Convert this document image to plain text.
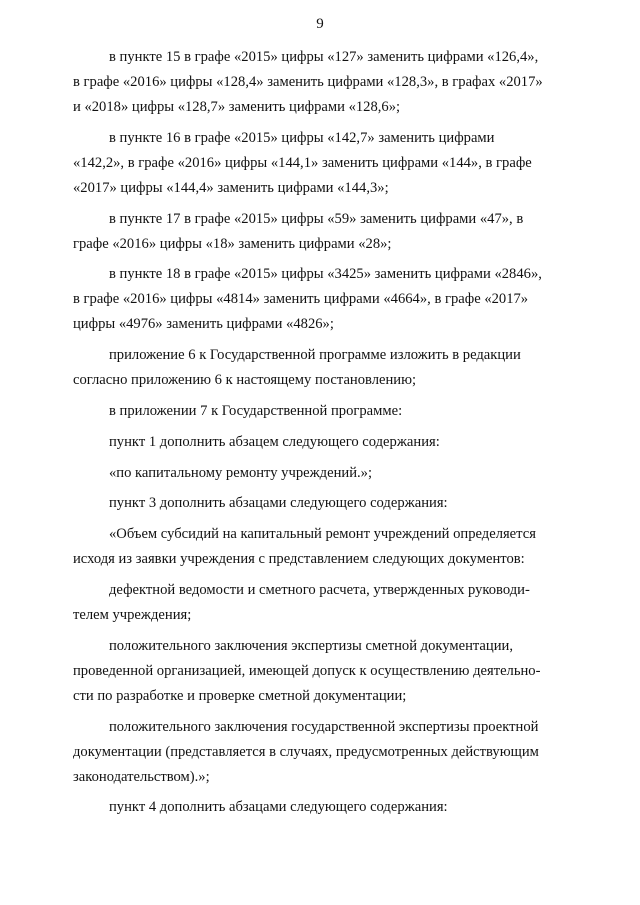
9

в пункте 15 в графе «2015» цифры «127» заменить цифрами «126,4»,
в графе «2016» цифры «128,4» заменить цифрами «128,3», в графах «2017»
и «2018» цифры «128,7» заменить цифрами «128,6»;

в пункте 16 в графе «2015» цифры «142,7» заменить цифрами
«142,2», в графе «2016» цифры «144,1» заменить цифрами «144», в графе
«2017» цифры «144,4» заменить цифрами «144,3»;

в пункте 17 в графе «2015» цифры «59» заменить цифрами «47», в
графе «2016» цифры «18» заменить цифрами «28»;

в пункте 18 в графе «2015» цифры «3425» заменить цифрами «2846»,
в графе «2016» цифры «4814» заменить цифрами «4664», в графе «2017»
цифры «4976» заменить цифрами «4826»;

приложение 6 к Государственной программе изложить в редакции
согласно приложению 6 к настоящему постановлению;

в приложении 7 к Государственной программе:

пункт 1 дополнить абзацем следующего содержания:

«по капитальному ремонту учреждений.»;

пункт 3 дополнить абзацами следующего содержания:

«Объем субсидий на капитальный ремонт учреждений определяется
исходя из заявки учреждения с представлением следующих документов:

дефектной ведомости и сметного расчета, утвержденных руководи-
телем учреждения;

положительного заключения экспертизы сметной документации,
проведенной организацией, имеющей допуск к осуществлению деятельно-
сти по разработке и проверке сметной документации;

положительного заключения государственной экспертизы проектной
документации (представляется в случаях, предусмотренных действующим
законодательством).»;

пункт 4 дополнить абзацами следующего содержания:
